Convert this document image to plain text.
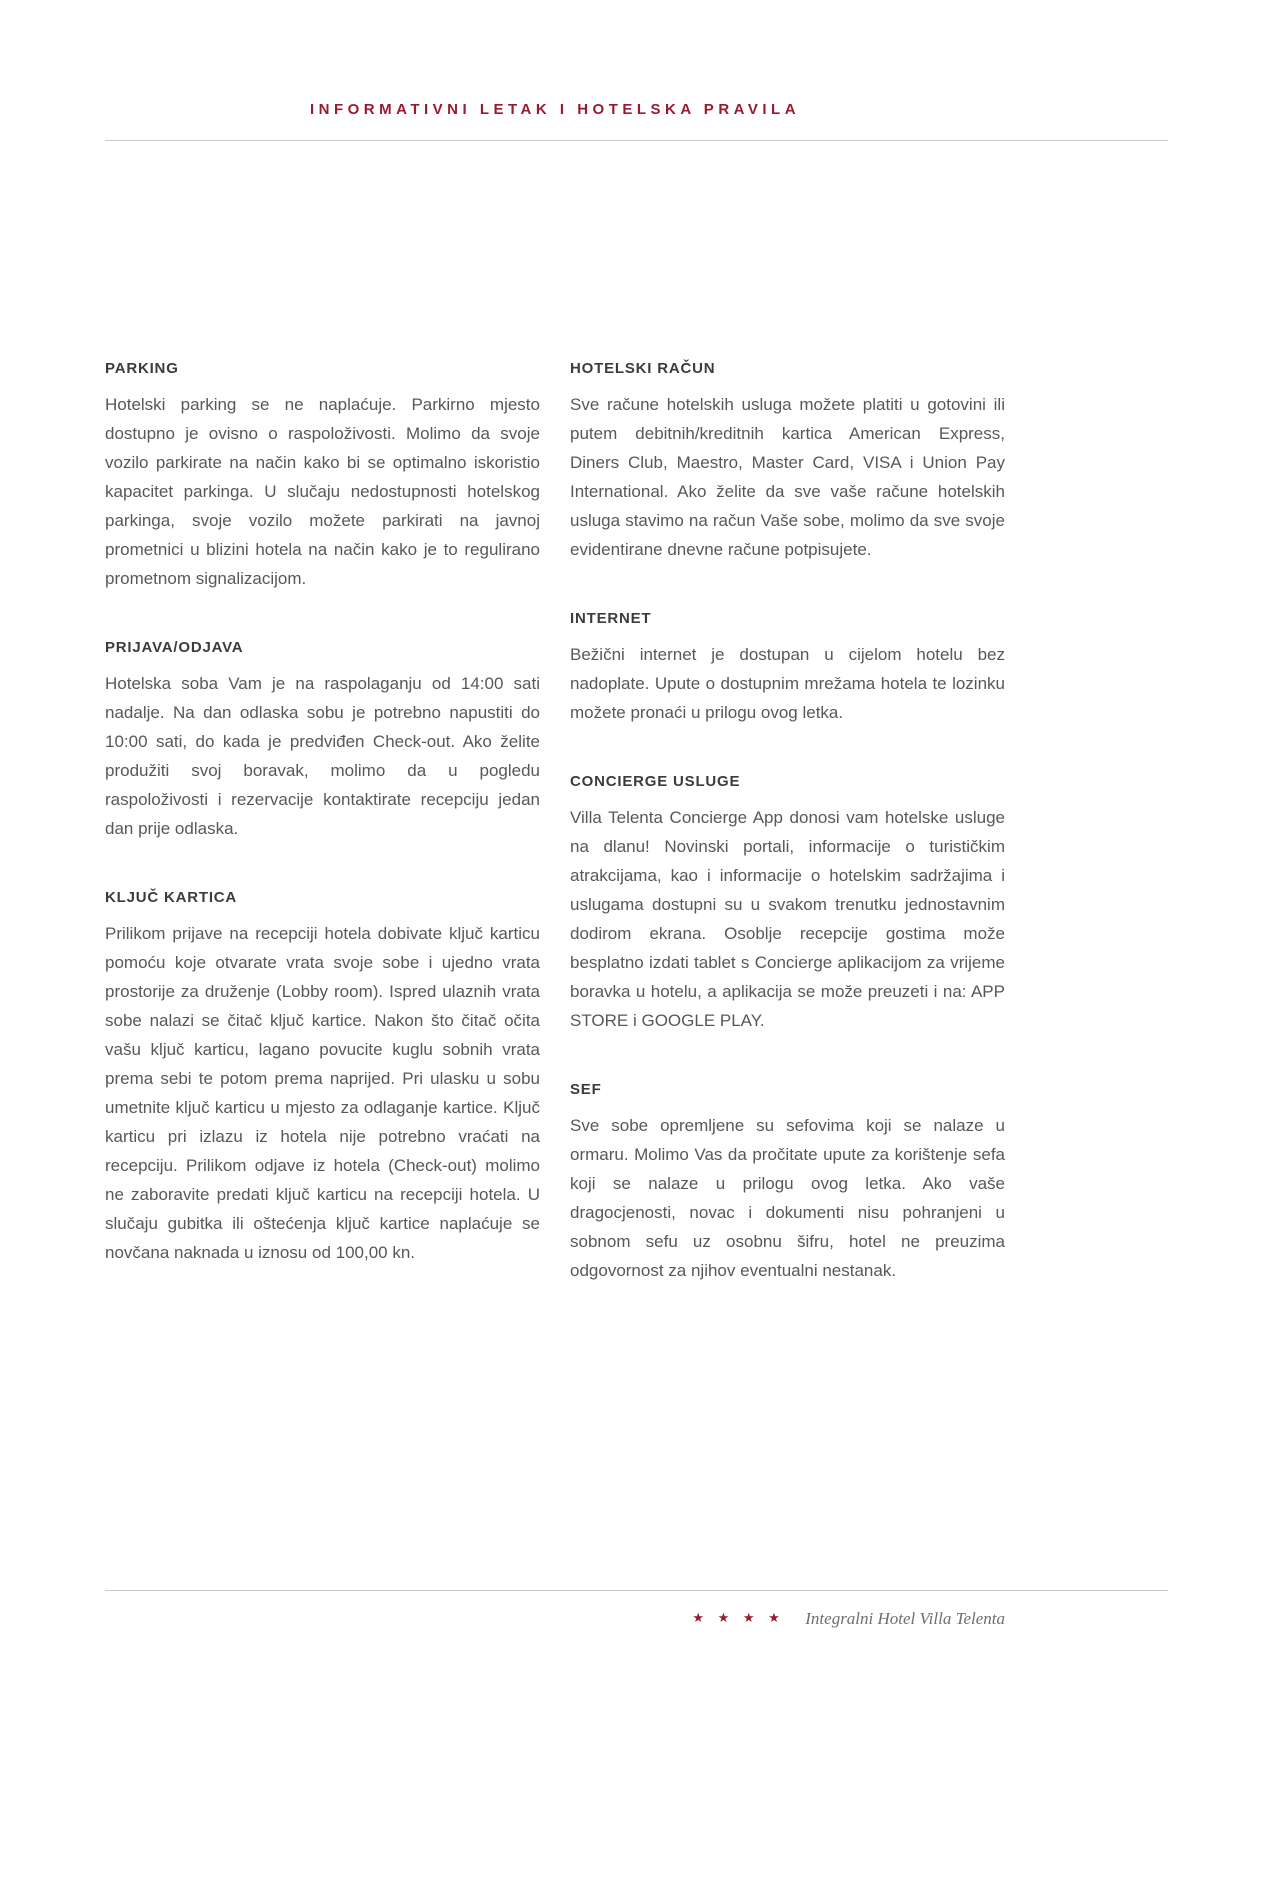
INFORMATIVNI LETAK I HOTELSKA PRAVILA
PARKING

Hotelski parking se ne naplaćuje. Parkirno mjesto dostupno je ovisno o raspoloživosti. Molimo da svoje vozilo parkirate na način kako bi se optimalno iskoristio kapacitet parkinga. U slučaju nedostupnosti hotelskog parkinga, svoje vozilo možete parkirati na javnoj prometnici u blizini hotela na način kako je to regulirano prometnom signalizacijom.

PRIJAVA/ODJAVA

Hotelska soba Vam je na raspolaganju od 14:00 sati nadalje. Na dan odlaska sobu je potrebno napustiti do 10:00 sati, do kada je predviđen Check-out. Ako želite produžiti svoj boravak, molimo da u pogledu raspoloživosti i rezervacije kontaktirate recepciju jedan dan prije odlaska.

KLJUČ KARTICA

Prilikom prijave na recepciji hotela dobivate ključ karticu pomoću koje otvarate vrata svoje sobe i ujedno vrata prostorije za druženje (Lobby room). Ispred ulaznih vrata sobe nalazi se čitač ključ kartice. Nakon što čitač očita vašu ključ karticu, lagano povucite kuglu sobnih vrata prema sebi te potom prema naprijed. Pri ulasku u sobu umetnite ključ karticu u mjesto za odlaganje kartice. Ključ karticu pri izlazu iz hotela nije potrebno vraćati na recepciju. Prilikom odjave iz hotela (Check-out) molimo ne zaboravite predati ključ karticu na recepciji hotela. U slučaju gubitka ili oštećenja ključ kartice naplaćuje se novčana naknada u iznosu od 100,00 kn.

HOTELSKI RAČUN

Sve račune hotelskih usluga možete platiti u gotovini ili putem debitnih/kreditnih kartica American Express, Diners Club, Maestro, Master Card, VISA i Union Pay International. Ako želite da sve vaše račune hotelskih usluga stavimo na račun Vaše sobe, molimo da sve svoje evidentirane dnevne račune potpisujete.

INTERNET

Bežični internet je dostupan u cijelom hotelu bez nadoplate. Upute o dostupnim mrežama hotela te lozinku možete pronaći u prilogu ovog letka.

CONCIERGE USLUGE

Villa Telenta Concierge App donosi vam hotelske usluge na dlanu! Novinski portali, informacije o turističkim atrakcijama, kao i informacije o hotelskim sadržajima i uslugama dostupni su u svakom trenutku jednostavnim dodirom ekrana. Osoblje recepcije gostima može besplatno izdati tablet s Concierge aplikacijom za vrijeme boravka u hotelu, a aplikacija se može preuzeti i na: APP STORE i GOOGLE PLAY.

SEF

Sve sobe opremljene su sefovima koji se nalaze u ormaru. Molimo Vas da pročitate upute za korištenje sefa koji se nalaze u prilogu ovog letka. Ako vaše dragocjenosti, novac i dokumenti nisu pohranjeni u sobnom sefu uz osobnu šifru, hotel ne preuzima odgovornost za njihov eventualni nestanak.

★ ★ ★ ★ Integralni Hotel Villa Telenta
